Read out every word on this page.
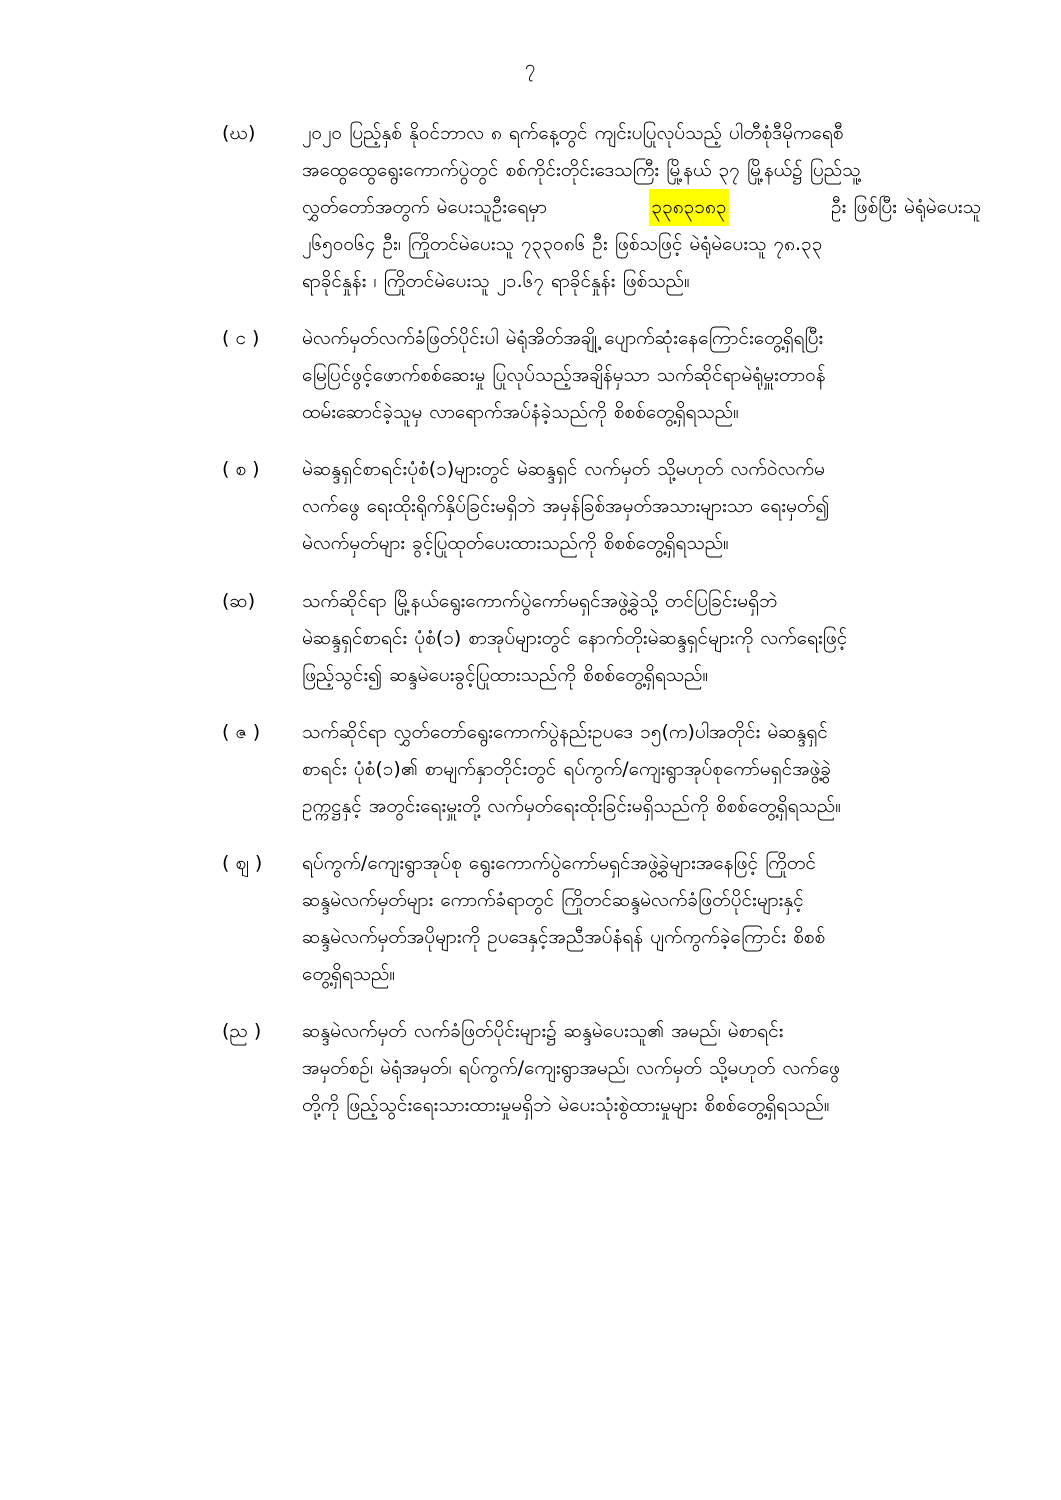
၇
(ဃ)	၂၀၂၀ ပြည့်နှစ် နိုဝင်ဘာလ ၈ ရက်နေ့တွင် ကျင်းပပြုလုပ်သည့် ပါတီစုံဒီမိုကရေစီ
အထွေထွေရွေးကောက်ပွဲတွင် စစ်ကိုင်းတိုင်းဒေသကြီး မြို့နယ် ၃၇ မြို့နယ်၌ ပြည်သူ့
လွှတ်တော်အတွက် မဲပေးသူဦးရေမှာ	၃၃၈၃၁၈၃	ဦး ဖြစ်ပြီး မဲရုံမဲပေးသူ
၂၆၅၀၀၆၄ ဦး၊ ကြိုတင်မဲပေးသူ ၇၃၃၀၈၆ ဦး ဖြစ်သဖြင့် မဲရုံမဲပေးသူ ၇၈.၃၃
ရာခိုင်နှုန်း ၊ ကြိုတင်မဲပေးသူ ၂၁.၆၇ ရာခိုင်နှုန်း ဖြစ်သည်။
( င )	မဲလက်မှတ်လက်ခံဖြတ်ပိုင်းပါ မဲရုံအိတ်အချို့ ပျောက်ဆုံးနေကြောင်းတွေ့ရှိရပြီး
မြေပြင်ဖွင့်ဖောက်စစ်ဆေးမှု ပြုလုပ်သည့်အချိန်မှသာ သက်ဆိုင်ရာမဲရုံမှူးတာဝန်
ထမ်းဆောင်ခဲ့သူမှ လာရောက်အပ်နံခဲ့သည်ကို စိစစ်တွေ့ရှိရသည်။
( စ )	မဲဆန္ဒရှင်စာရင်းပုံစံ(၁)များတွင် မဲဆန္ဒရှင် လက်မှတ် သို့မဟုတ် လက်ဝဲလက်မ
လက်ဖွေ ရေးထိုးရိုက်နှိပ်ခြင်းမရှိဘဲ အမှန်ခြစ်အမှတ်အသားများသာ ရေးမှတ်၍
မဲလက်မှတ်များ ခွင့်ပြုထုတ်ပေးထားသည်ကို စိစစ်တွေ့ရှိရသည်။
(ဆ)	သက်ဆိုင်ရာ မြို့နယ်ရွေးကောက်ပွဲကော်မရှင်အဖွဲ့ခွဲသို့ တင်ပြခြင်းမရှိဘဲ
မဲဆန္ဒရှင်စာရင်း ပုံစံ(၁) စာအုပ်များတွင် နောက်တိုးမဲဆန္ဒရှင်များကို လက်ရေးဖြင့်
ဖြည့်သွင်း၍ ဆန္ဒမဲပေးခွင့်ပြုထားသည်ကို စိစစ်တွေ့ရှိရသည်။
( ဇ )	သက်ဆိုင်ရာ လွှတ်တော်ရွေးကောက်ပွဲနည်းဥပဒေ ၁၅(က)ပါအတိုင်း မဲဆန္ဒရှင်
စာရင်း ပုံစံ(၁)၏ စာမျက်နှာတိုင်းတွင် ရပ်ကွက်/ကျေးရွာအုပ်စုကော်မရှင်အဖွဲ့ခွဲ
ဥက္ကဋ္ဌနှင့် အတွင်းရေးမှူးတို့ လက်မှတ်ရေးထိုးခြင်းမရှိသည်ကို စိစစ်တွေ့ရှိရသည်။
( ဈ )	ရပ်ကွက်/ကျေးရွာအုပ်စု ရွေးကောက်ပွဲကော်မရှင်အဖွဲ့ခွဲများအနေဖြင့် ကြိုတင်
ဆန္ဒမဲလက်မှတ်များ ကောက်ခံရာတွင် ကြိုတင်ဆန္ဒမဲလက်ခံဖြတ်ပိုင်းများနှင့်
ဆန္ဒမဲလက်မှတ်အပိုများကို ဥပဒေနှင့်အညီအပ်နံရန် ပျက်ကွက်ခဲ့ကြောင်း စိစစ်
တွေ့ရှိရသည်။
(ည )	ဆန္ဒမဲလက်မှတ် လက်ခံဖြတ်ပိုင်းများ၌ ဆန္ဒမဲပေးသူ၏ အမည်၊ မဲစာရင်း
အမှတ်စဉ်၊ မဲရုံအမှတ်၊ ရပ်ကွက်/ကျေးရွာအမည်၊ လက်မှတ် သို့မဟုတ် လက်ဖွေ
တို့ကို ဖြည့်သွင်းရေးသားထားမှုမရှိဘဲ မဲပေးသုံးစွဲထားမှုများ စိစစ်တွေ့ရှိရသည်။
